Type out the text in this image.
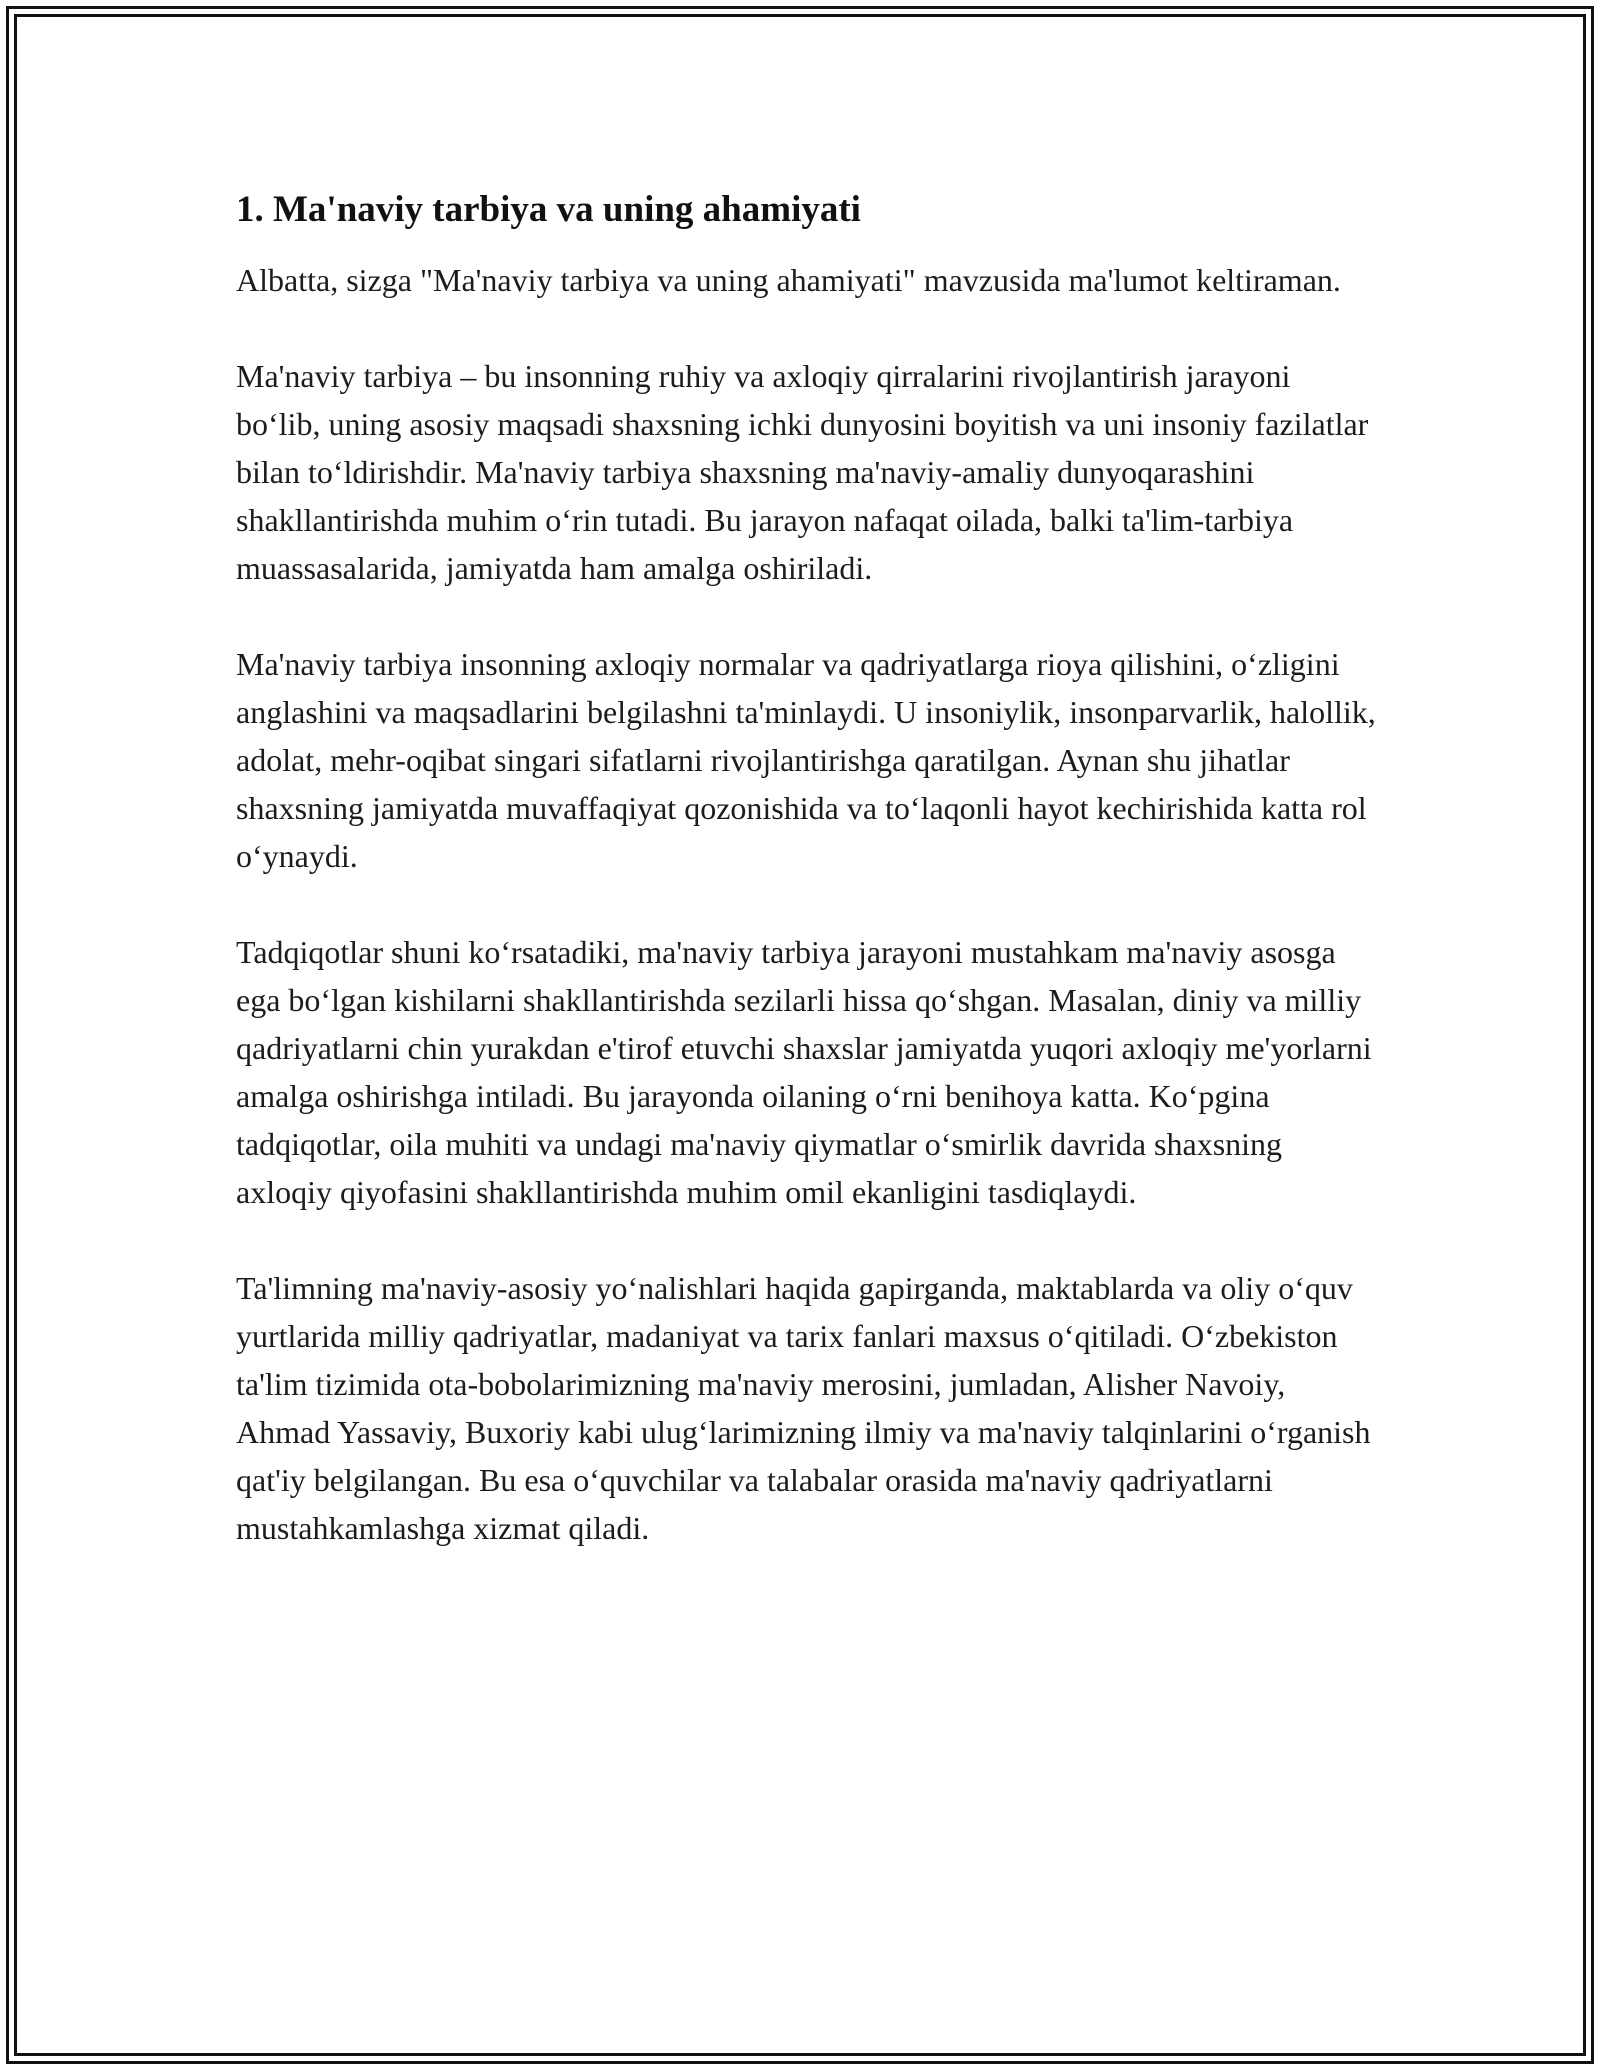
1. Ma'naviy tarbiya va uning ahamiyati

Albatta, sizga "Ma'naviy tarbiya va uning ahamiyati" mavzusida ma'lumot keltiraman.

Ma'naviy tarbiya – bu insonning ruhiy va axloqiy qirralarini rivojlantirish jarayoni bo‘lib, uning asosiy maqsadi shaxsning ichki dunyosini boyitish va uni insoniy fazilatlar bilan to‘ldirishdir. Ma'naviy tarbiya shaxsning ma'naviy-amaliy dunyoqarashini shakllantirishda muhim o‘rin tutadi. Bu jarayon nafaqat oilada, balki ta'lim-tarbiya muassasalarida, jamiyatda ham amalga oshiriladi.

Ma'naviy tarbiya insonning axloqiy normalar va qadriyatlarga rioya qilishini, o‘zligini anglashini va maqsadlarini belgilashni ta'minlaydi. U insoniylik, insonparvarlik, halollik, adolat, mehr-oqibat singari sifatlarni rivojlantirishga qaratilgan. Aynan shu jihatlar shaxsning jamiyatda muvaffaqiyat qozonishida va to‘laqonli hayot kechirishida katta rol o‘ynaydi.

Tadqiqotlar shuni ko‘rsatadiki, ma'naviy tarbiya jarayoni mustahkam ma'naviy asosga ega bo‘lgan kishilarni shakllantirishda sezilarli hissa qo‘shgan. Masalan, diniy va milliy qadriyatlarni chin yurakdan e'tirof etuvchi shaxslar jamiyatda yuqori axloqiy me'yorlarni amalga oshirishga intiladi. Bu jarayonda oilaning o‘rni benihoya katta. Ko‘pgina tadqiqotlar, oila muhiti va undagi ma'naviy qiymatlar o‘smirlik davrida shaxsning axloqiy qiyofasini shakllantirishda muhim omil ekanligini tasdiqlaydi.

Ta'limning ma'naviy-asosiy yo‘nalishlari haqida gapirganda, maktablarda va oliy o‘quv yurtlarida milliy qadriyatlar, madaniyat va tarix fanlari maxsus o‘qitiladi. O‘zbekiston ta'lim tizimida ota-bobolarimizning ma'naviy merosini, jumladan, Alisher Navoiy, Ahmad Yassaviy, Buxoriy kabi ulug‘larimizning ilmiy va ma'naviy talqinlarini o‘rganish qat'iy belgilangan. Bu esa o‘quvchilar va talabalar orasida ma'naviy qadriyatlarni mustahkamlashga xizmat qiladi.
